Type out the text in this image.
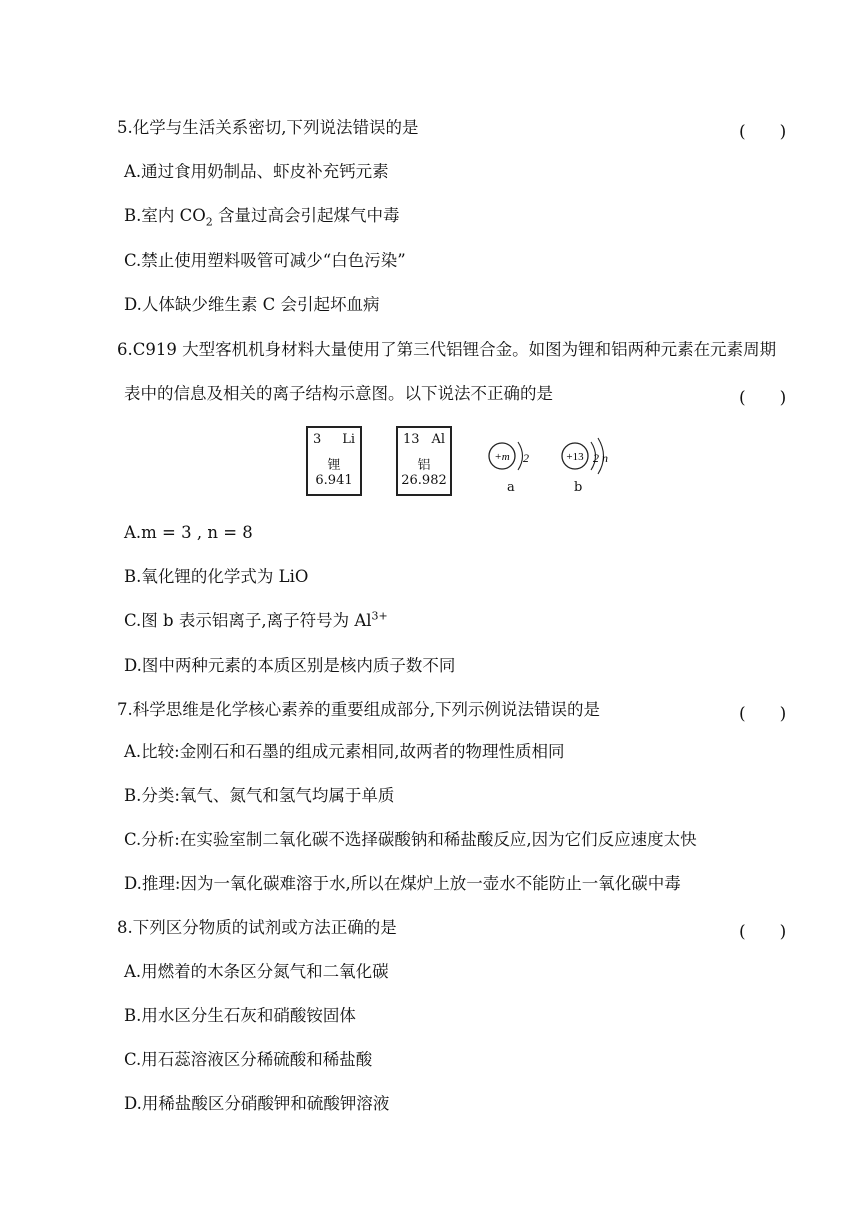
5.化学与生活关系密切,下列说法错误的是	(　　)
A.通过食用奶制品、虾皮补充钙元素
B.室内 $CO_2$ 含量过高会引起煤气中毒
C.禁止使用塑料吸管可减少“白色污染”
D.人体缺少维生素 C 会引起坏血病
6.C919 大型客机机身材料大量使用了第三代铝锂合金。如图为锂和铝两种元素在元素周期
表中的信息及相关的离子结构示意图。以下说法不正确的是	(　　)
3 Li
锂
6.941
13 Al
铝
26.982
+m 2	+13 2 n
a	b
A.m = 3 , n = 8
B.氧化锂的化学式为 LiO
C.图 b 表示铝离子,离子符号为 $Al^{3+}$
D.图中两种元素的本质区别是核内质子数不同
7.科学思维是化学核心素养的重要组成部分,下列示例说法错误的是	(　　)
A.比较:金刚石和石墨的组成元素相同,故两者的物理性质相同
B.分类:氧气、氮气和氢气均属于单质
C.分析:在实验室制二氧化碳不选择碳酸钠和稀盐酸反应,因为它们反应速度太快
D.推理:因为一氧化碳难溶于水,所以在煤炉上放一壶水不能防止一氧化碳中毒
8.下列区分物质的试剂或方法正确的是	(　　)
A.用燃着的木条区分氮气和二氧化碳
B.用水区分生石灰和硝酸铵固体
C.用石蕊溶液区分稀硫酸和稀盐酸
D.用稀盐酸区分硝酸钾和硫酸钾溶液
